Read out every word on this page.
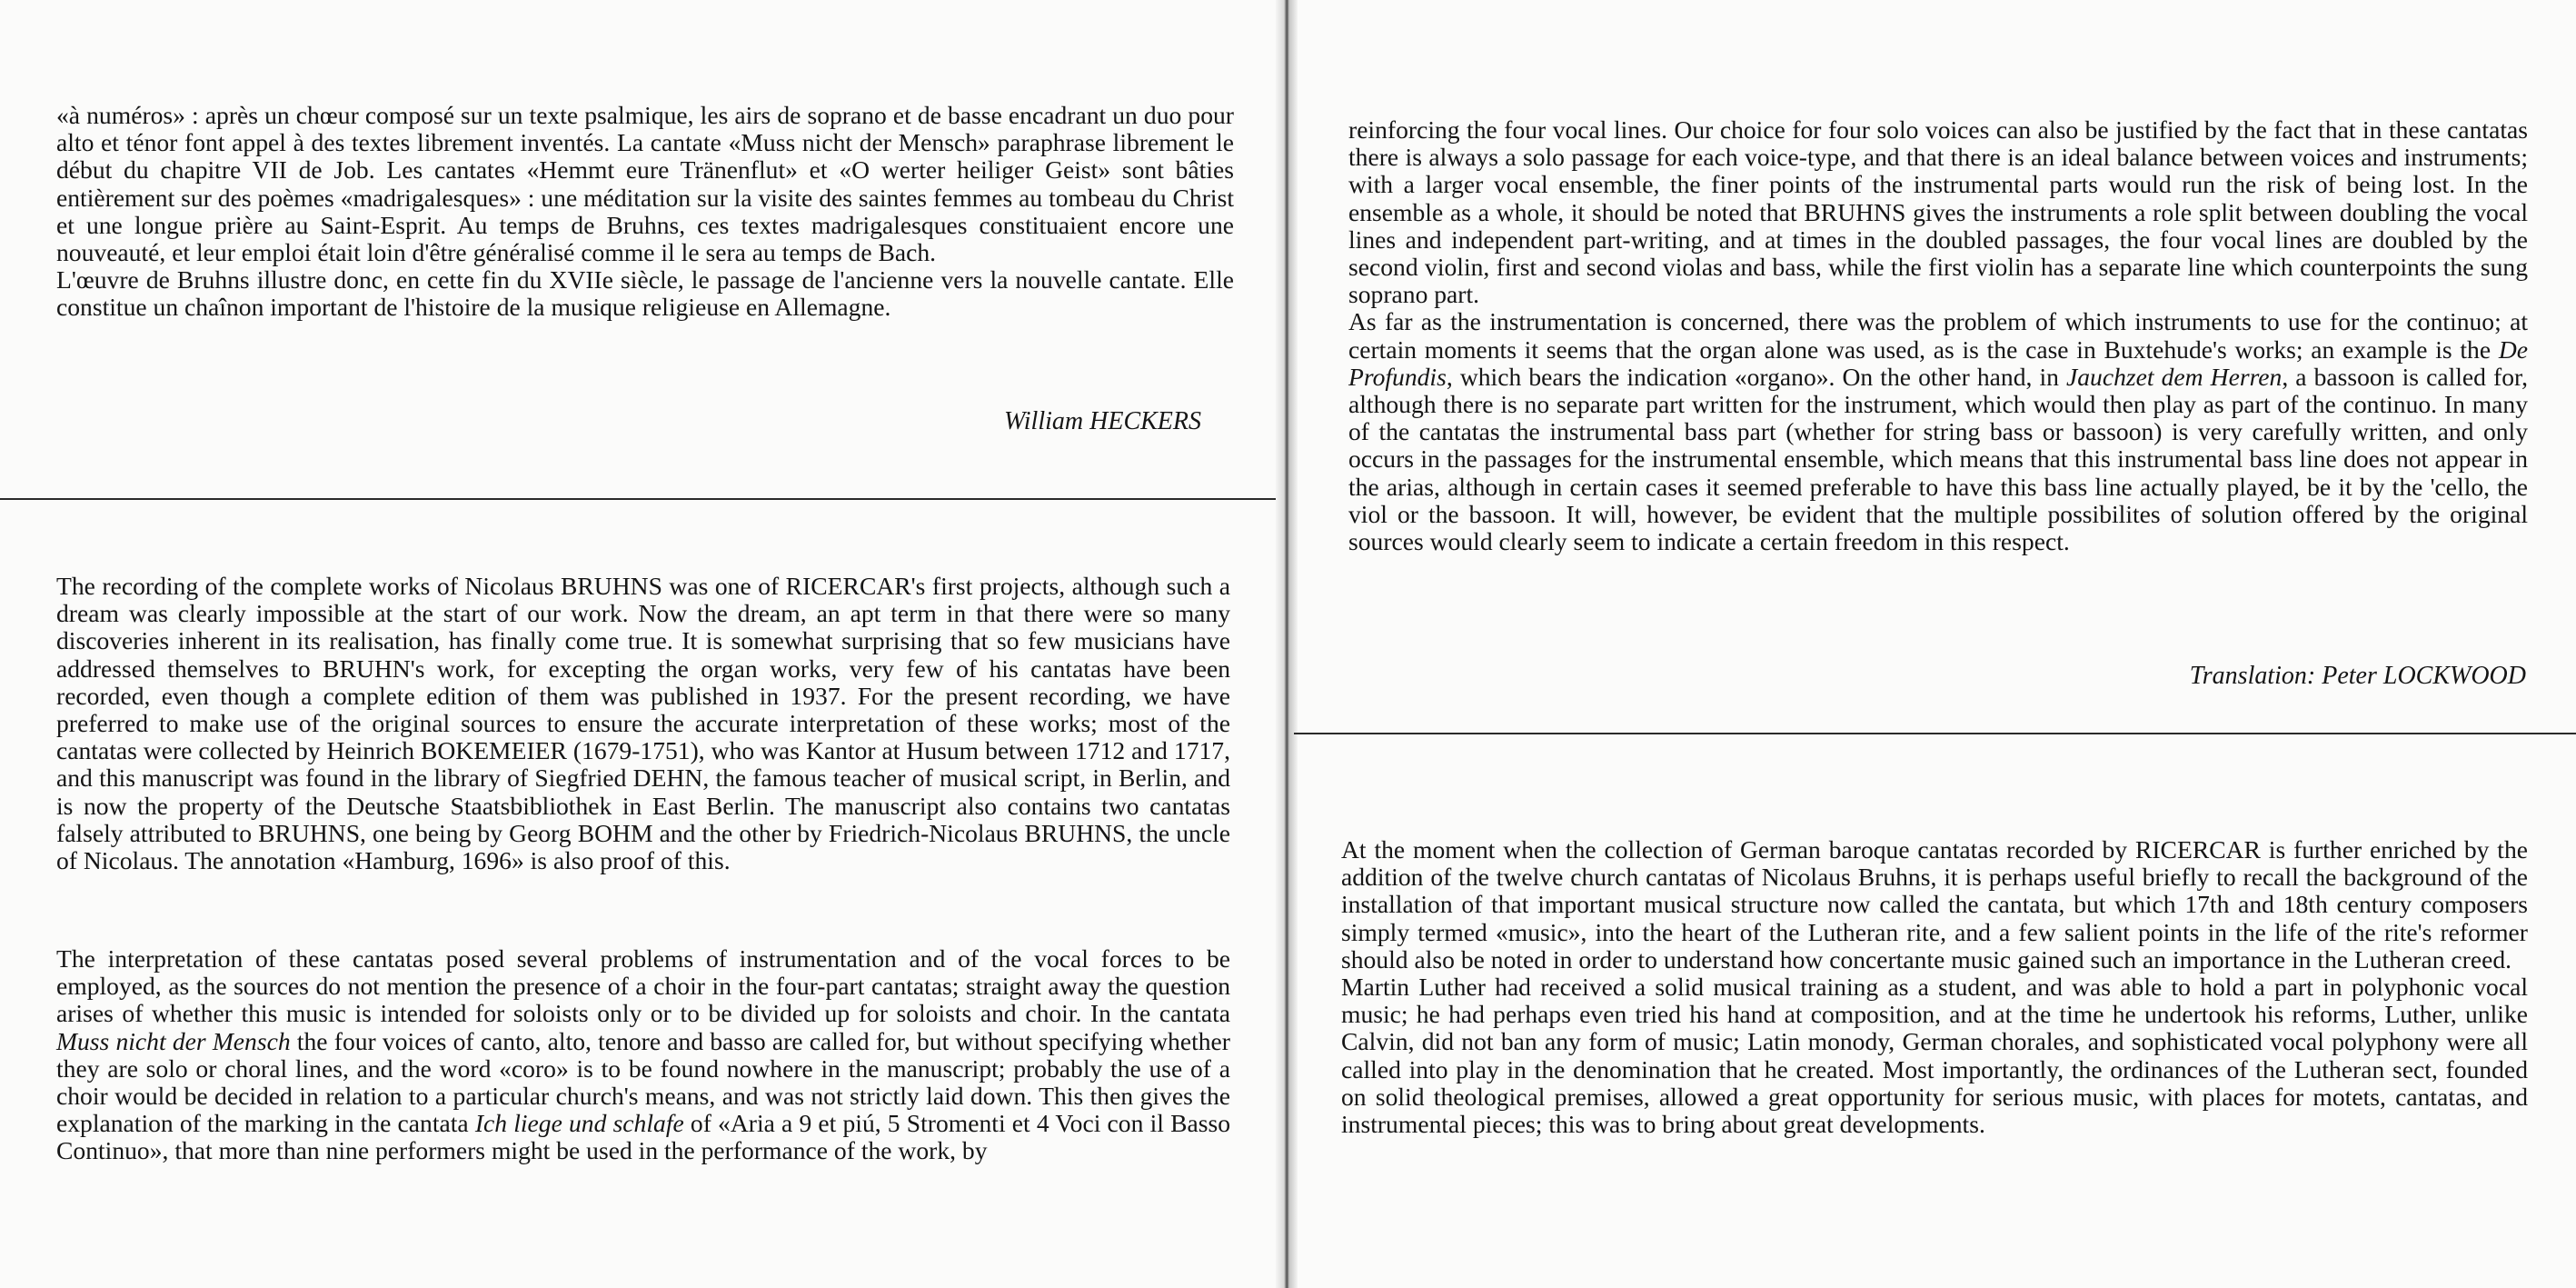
«à numéros» : après un chœur composé sur un texte psalmique, les airs de soprano et de basse encadrant un duo pour alto et ténor font appel à des textes librement inventés. La cantate «Muss nicht der Mensch» paraphrase librement le début du chapitre VII de Job. Les cantates «Hemmt eure Tränenflut» et «O werter heiliger Geist» sont bâties entièrement sur des poèmes «madrigalesques» : une méditation sur la visite des saintes femmes au tombeau du Christ et une longue prière au Saint-Esprit. Au temps de Bruhns, ces textes madrigalesques constituaient encore une nouveauté, et leur emploi était loin d'être généralisé comme il le sera au temps de Bach.

L'œuvre de Bruhns illustre donc, en cette fin du XVIIe siècle, le passage de l'ancienne vers la nouvelle cantate. Elle constitue un chaînon important de l'histoire de la musique religieuse en Allemagne.

William HECKERS

The recording of the complete works of Nicolaus BRUHNS was one of RICERCAR's first projects, although such a dream was clearly impossible at the start of our work. Now the dream, an apt term in that there were so many discoveries inherent in its realisation, has finally come true. It is somewhat surprising that so few musicians have addressed themselves to BRUHN's work, for excepting the organ works, very few of his cantatas have been recorded, even though a complete edition of them was published in 1937. For the present recording, we have preferred to make use of the original sources to ensure the accurate interpretation of these works; most of the cantatas were collected by Heinrich BOKEMEIER (1679-1751), who was Kantor at Husum between 1712 and 1717, and this manuscript was found in the library of Siegfried DEHN, the famous teacher of musical script, in Berlin, and is now the property of the Deutsche Staatsbibliothek in East Berlin. The manuscript also contains two cantatas falsely attributed to BRUHNS, one being by Georg BOHM and the other by Friedrich-Nicolaus BRUHNS, the uncle of Nicolaus. The annotation «Hamburg, 1696» is also proof of this.

The interpretation of these cantatas posed several problems of instrumentation and of the vocal forces to be employed, as the sources do not mention the presence of a choir in the four-part cantatas; straight away the question arises of whether this music is intended for soloists only or to be divided up for soloists and choir. In the cantata Muss nicht der Mensch the four voices of canto, alto, tenore and basso are called for, but without specifying whether they are solo or choral lines, and the word «coro» is to be found nowhere in the manuscript; probably the use of a choir would be decided in relation to a particular church's means, and was not strictly laid down. This then gives the explanation of the marking in the cantata Ich liege und schlafe of «Aria a 9 et piú, 5 Stromenti et 4 Voci con il Basso Continuo», that more than nine performers might be used in the performance of the work, by

reinforcing the four vocal lines. Our choice for four solo voices can also be justified by the fact that in these cantatas there is always a solo passage for each voice-type, and that there is an ideal balance between voices and instruments; with a larger vocal ensemble, the finer points of the instrumental parts would run the risk of being lost. In the ensemble as a whole, it should be noted that BRUHNS gives the instruments a role split between doubling the vocal lines and independent part-writing, and at times in the doubled passages, the four vocal lines are doubled by the second violin, first and second violas and bass, while the first violin has a separate line which counterpoints the sung soprano part.

As far as the instrumentation is concerned, there was the problem of which instruments to use for the continuo; at certain moments it seems that the organ alone was used, as is the case in Buxtehude's works; an example is the De Profundis, which bears the indication «organo». On the other hand, in Jauchzet dem Herren, a bassoon is called for, although there is no separate part written for the instrument, which would then play as part of the continuo. In many of the cantatas the instrumental bass part (whether for string bass or bassoon) is very carefully written, and only occurs in the passages for the instrumental ensemble, which means that this instrumental bass line does not appear in the arias, although in certain cases it seemed preferable to have this bass line actually played, be it by the 'cello, the viol or the bassoon. It will, however, be evident that the multiple possibilites of solution offered by the original sources would clearly seem to indicate a certain freedom in this respect.

Translation: Peter LOCKWOOD

At the moment when the collection of German baroque cantatas recorded by RICERCAR is further enriched by the addition of the twelve church cantatas of Nicolaus Bruhns, it is perhaps useful briefly to recall the background of the installation of that important musical structure now called the cantata, but which 17th and 18th century composers simply termed «music», into the heart of the Lutheran rite, and a few salient points in the life of the rite's reformer should also be noted in order to understand how concertante music gained such an importance in the Lutheran creed.

Martin Luther had received a solid musical training as a student, and was able to hold a part in polyphonic vocal music; he had perhaps even tried his hand at composition, and at the time he undertook his reforms, Luther, unlike Calvin, did not ban any form of music; Latin monody, German chorales, and sophisticated vocal polyphony were all called into play in the denomination that he created. Most importantly, the ordinances of the Lutheran sect, founded on solid theological premises, allowed a great opportunity for serious music, with places for motets, cantatas, and instrumental pieces; this was to bring about great developments.
